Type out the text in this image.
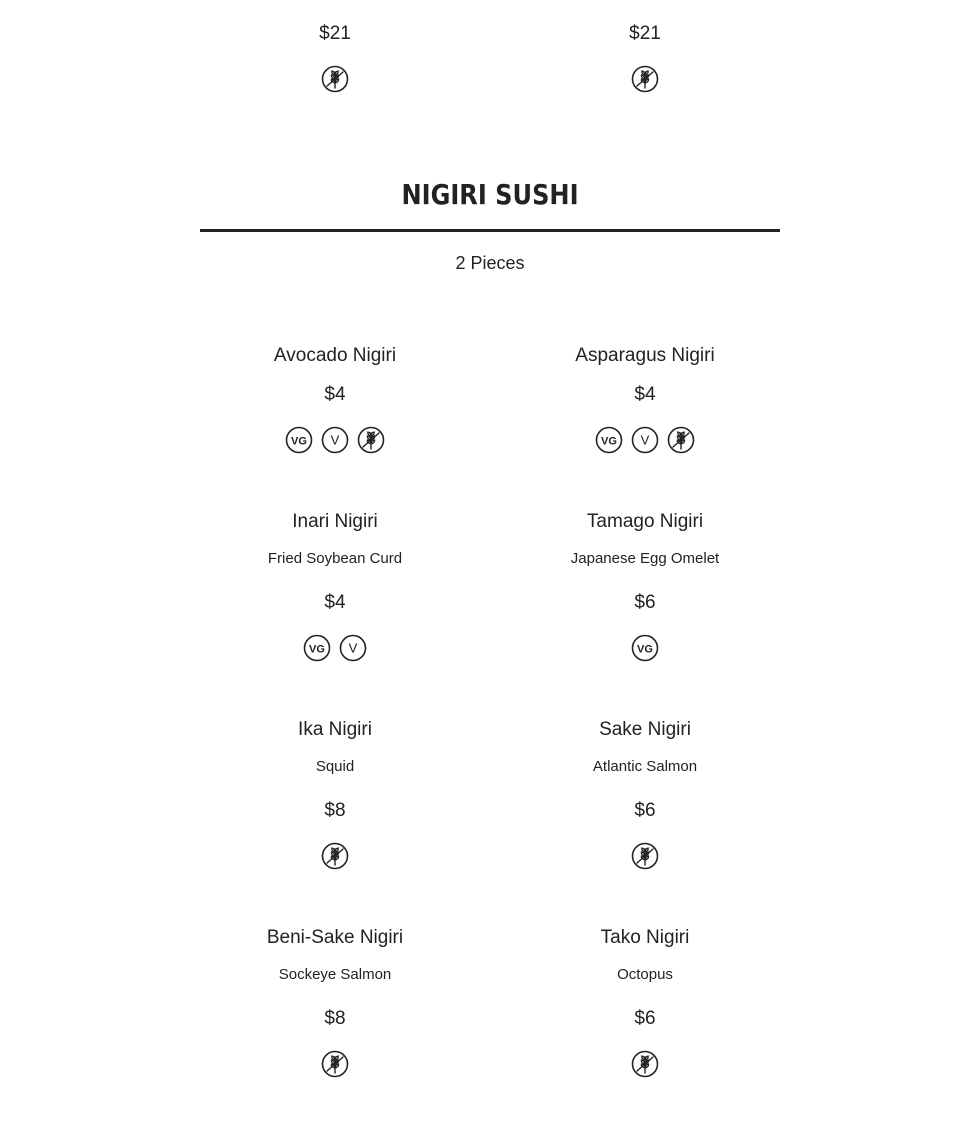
$21	$21
NIGIRI SUSHI
2 Pieces
Avocado Nigiri
$4
VG V
Asparagus Nigiri
$4
VG V
Inari Nigiri
Fried Soybean Curd
$4
VG V
Tamago Nigiri
Japanese Egg Omelet
$6
VG
Ika Nigiri
Squid
$8
Sake Nigiri
Atlantic Salmon
$6
Beni-Sake Nigiri
Sockeye Salmon
$8
Tako Nigiri
Octopus
$6
